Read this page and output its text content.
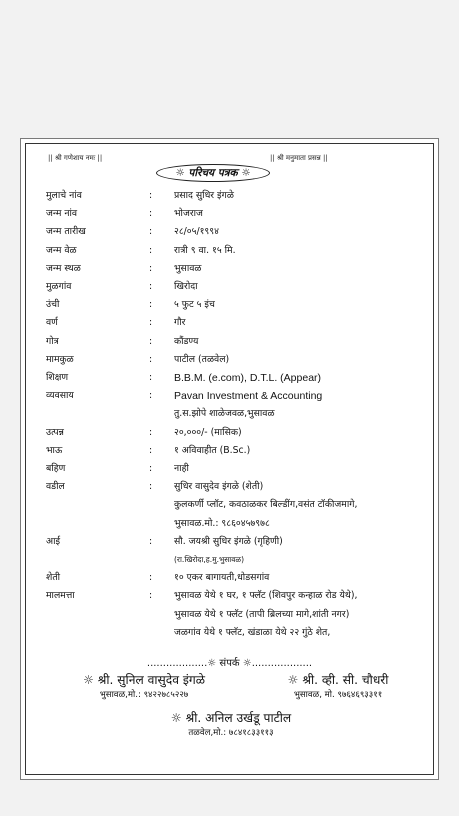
|| श्री गणेशाय नमः ||	|| श्री मनुमाता प्रसन्न ||
☼ परिचय पत्रक ☼
मुलाचे नांव	: प्रसाद सुधिर इंगळे
जन्म नांव	: भोजराज
जन्म तारीख	: २८/०५/१९९४
जन्म वेळ	: रात्री ९ वा. १५ मि.
जन्म स्थळ	: भुसावळ
मुळगांव	: खिरोदा
उंची	: ५ फुट ५ इंच
वर्ण	: गौर
गोत्र	: कौंडण्य
मामकुळ	: पाटील (तळवेल)
शिक्षण	: B.B.M. (e.com), D.T.L. (Appear)
व्यवसाय	: Pavan Investment & Accounting
तु.स.झोपे शाळेजवळ,भुसावळ
उत्पन्न	: २०,०००/- (मासिक)
भाऊ	: १ अविवाहीत (B.Sc.)
बहिण	: नाही
वडील	: सुधिर वासुदेव इंगळे (शेती)
कुलकर्णी प्लॉट, कवठाळकर बिल्डींग,वसंत टॉकीजमागे,
भुसावळ.मो.: ९८६०४५७९७८
आई	: सौ. जयश्री सुधिर इंगळे (गृहिणी)
(रा.खिरोदा,ह.मु.भुसावळ)
शेती	: १० एकर बागायती,धोडसगांव
मालमत्ता	: भुसावळ येथे १ घर, १ फ्लॅट (शिवपुर कन्हाळ रोड येथे),
भुसावळ येथे १ फ्लॅट (तापी ब्रिलच्या मागे,शांती नगर)
जळगांव येथे १ फ्लॅट, खंडाळा येथे २२ गुंठे शेत,
...................☼ संपर्क ☼...................
☼ श्री. सुनिल वासुदेव इंगळे
भुसावळ,मो.: ९४२२७८५२२७
☼ श्री. व्ही. सी. चौधरी
भुसावळ, मो. ९७६४६९३३११
☼ श्री. अनिल उर्खडू पाटील
तळवेल,मो.: ७८४१८३३११३
